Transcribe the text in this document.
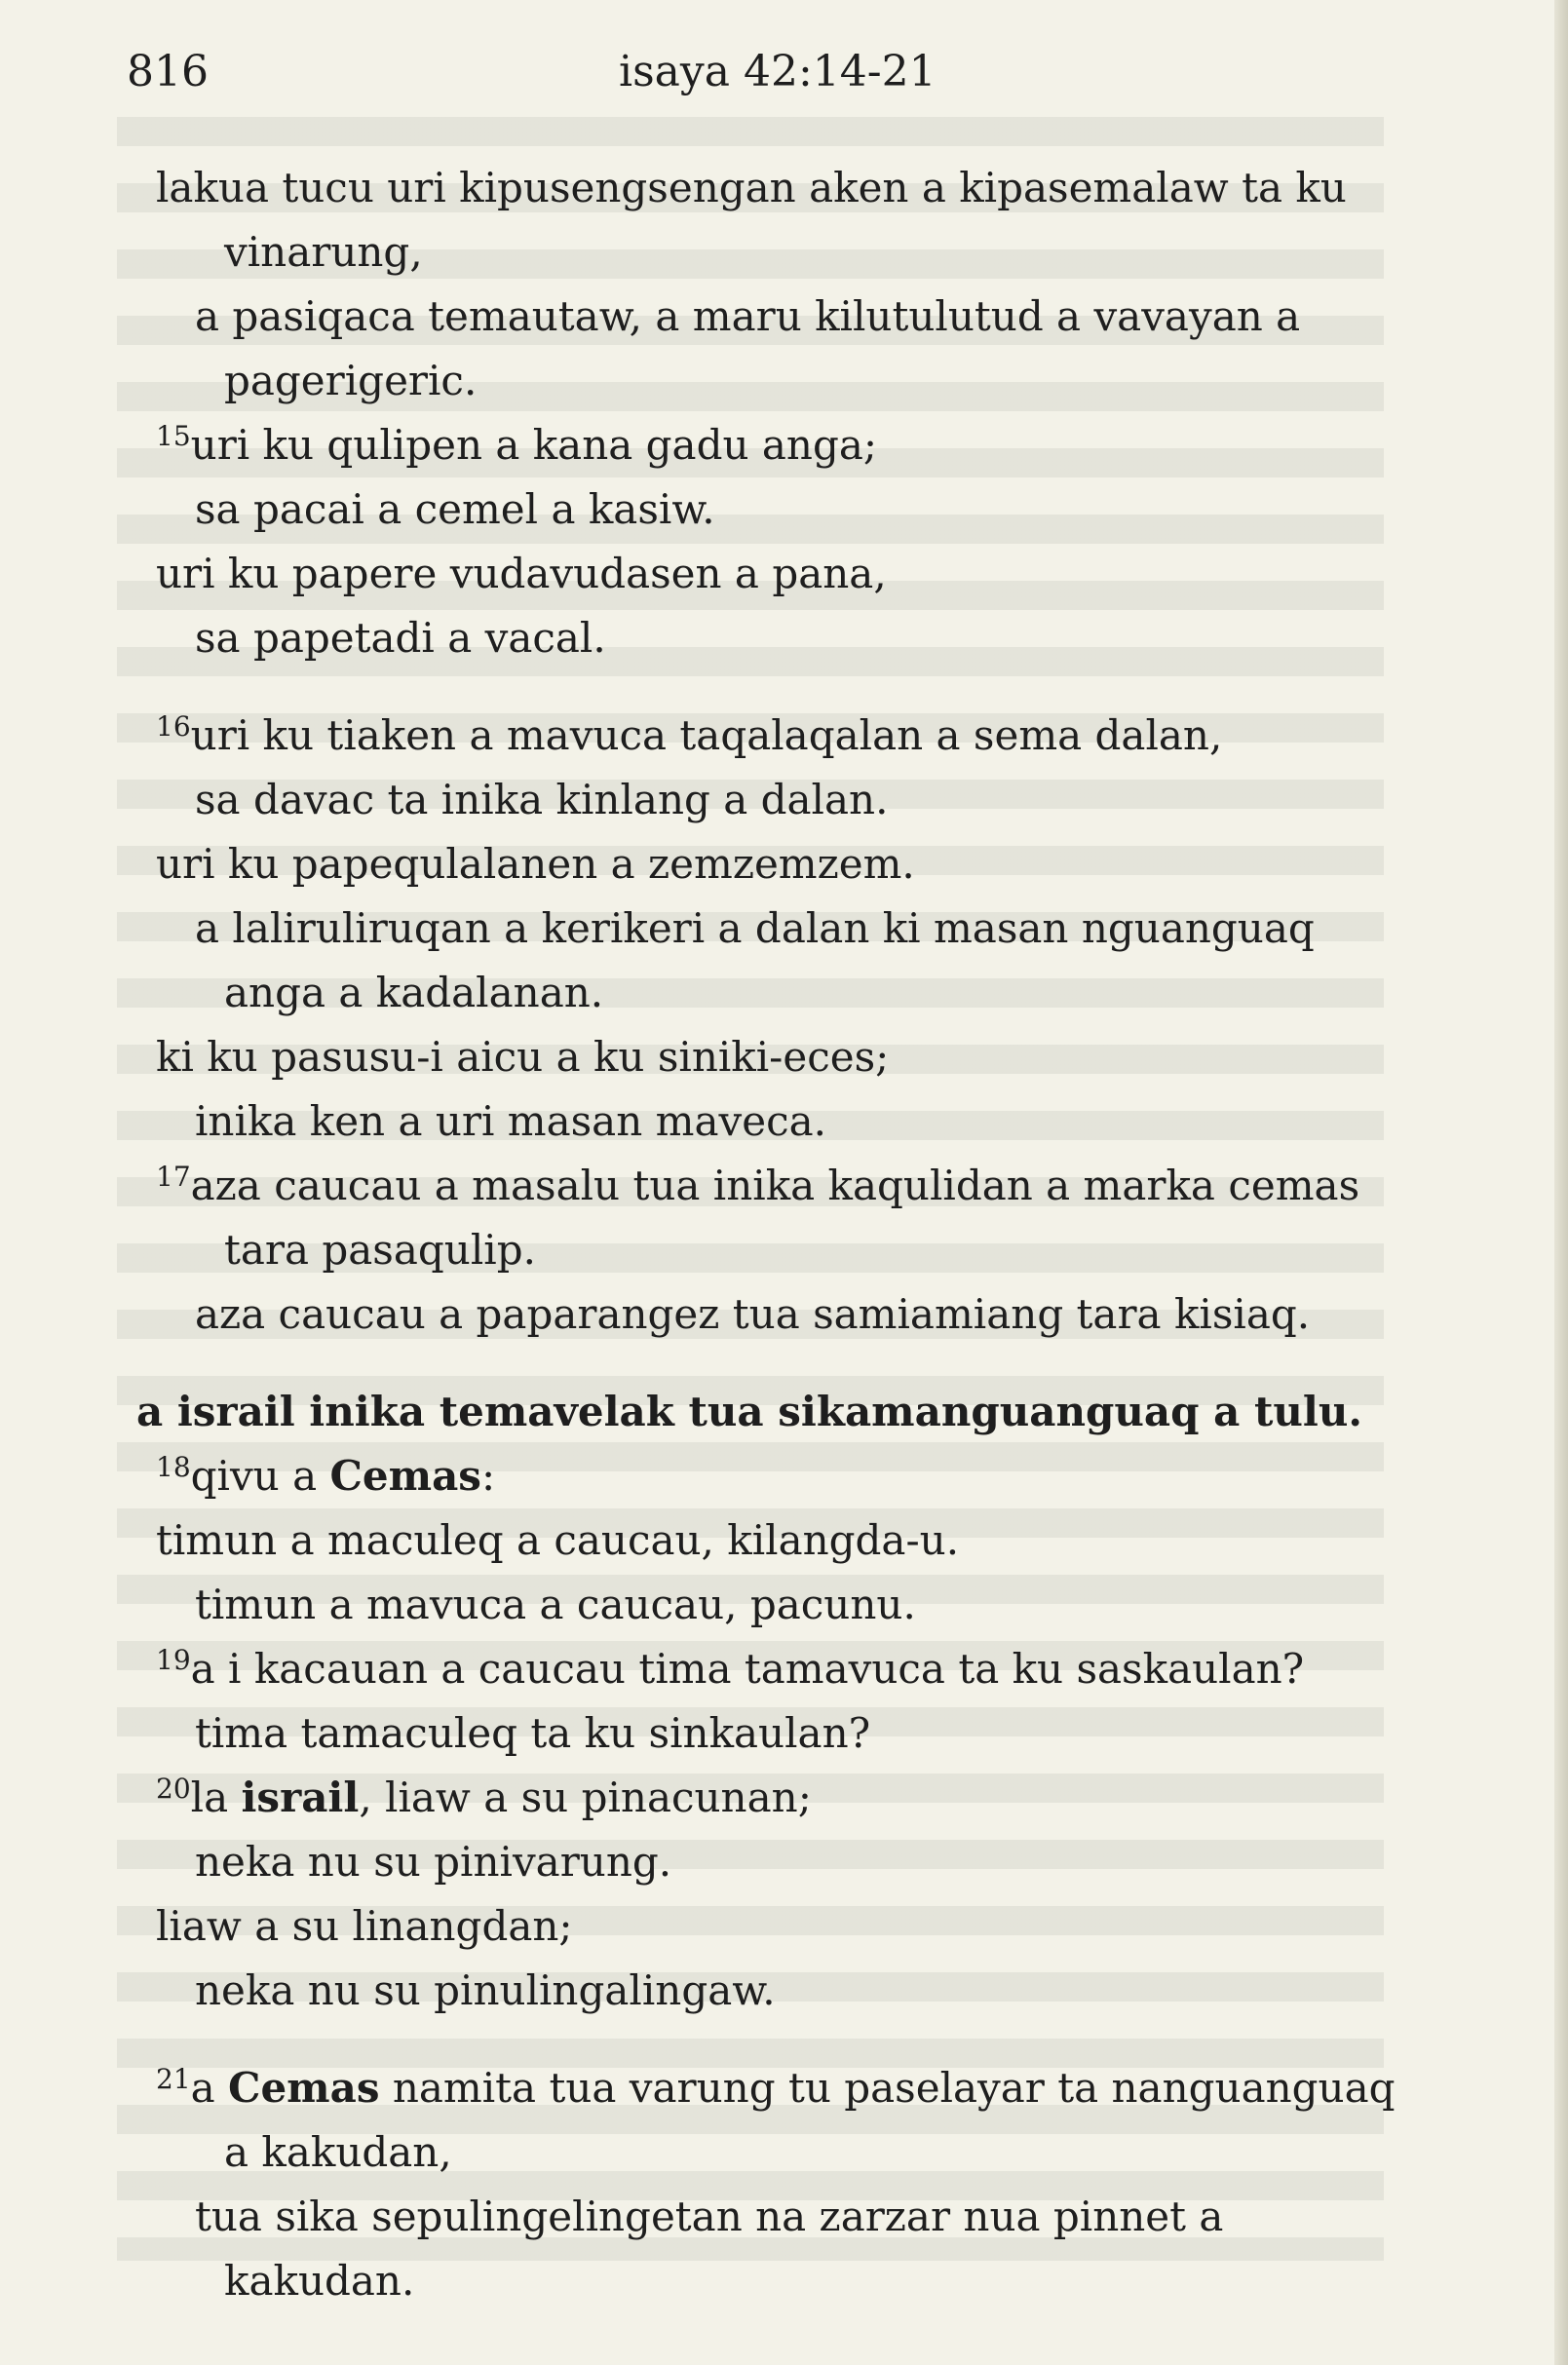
816	isaya 42:14-21
lakua tucu uri kipusengsengan aken a kipasemalaw ta ku
vinarung,
a pasiqaca temautaw, a maru kilutulutud a vavayan a
pagerigeric.
$^{15}$uri ku qulipen a kana gadu anga;
sa pacai a cemel a kasiw.
uri ku papere vudavudasen a pana,
sa papetadi a vacal.
$^{16}$uri ku tiaken a mavuca taqalaqalan a sema dalan,
sa davac ta inika kinlang a dalan.
uri ku papequlalanen a zemzemzem.
a laliruliruqan a kerikeri a dalan ki masan nguanguaq
anga a kadalanan.
ki ku pasusu-i aicu a ku siniki-eces;
inika ken a uri masan maveca.
$^{17}$aza caucau a masalu tua inika kaqulidan a marka cemas
tara pasaqulip.
aza caucau a paparangez tua samiamiang tara kisiaq.
a israil inika temavelak tua sikamanguanguaq a tulu.
$^{18}$qivu a Cemas:
timun a maculeq a caucau, kilangda-u.
timun a mavuca a caucau, pacunu.
$^{19}$a i kacauan a caucau tima tamavuca ta ku saskaulan?
tima tamaculeq ta ku sinkaulan?
$^{20}$la israil, liaw a su pinacunan;
neka nu su pinivarung.
liaw a su linangdan;
neka nu su pinulingalingaw.
$^{21}$a Cemas namita tua varung tu paselayar ta nanguanguaq
a kakudan,
tua sika sepulingelingetan na zarzar nua pinnet a
kakudan.
